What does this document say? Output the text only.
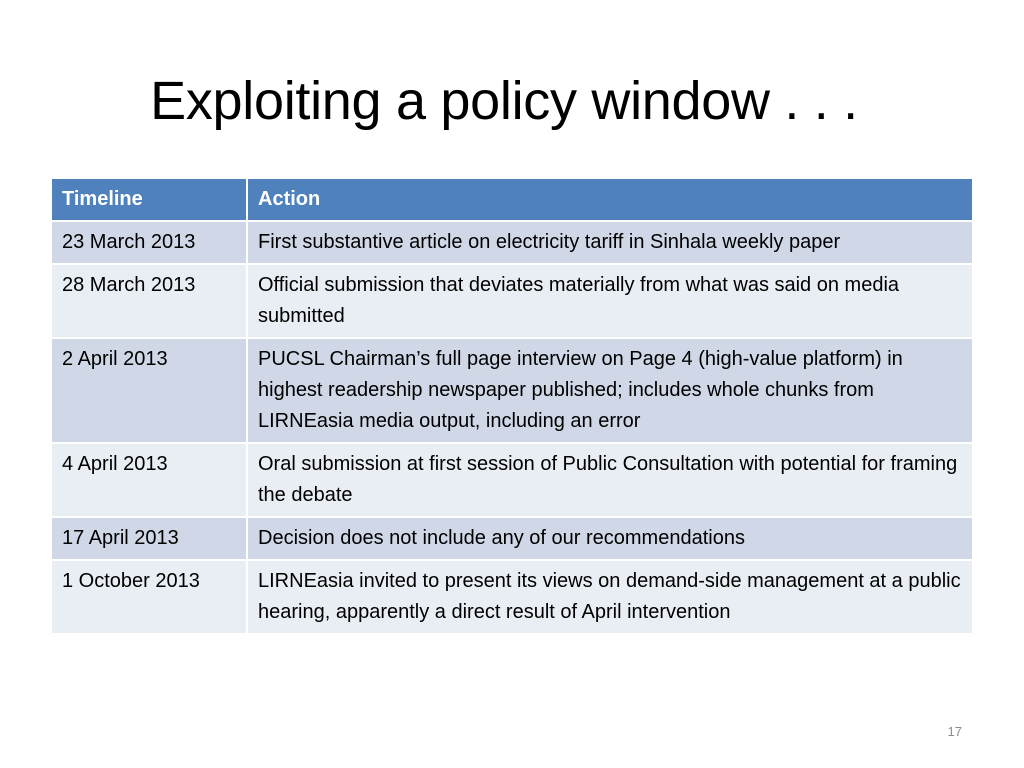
Exploiting a policy window . . .
Timeline	Action
23 March 2013	First substantive article on electricity tariff in Sinhala weekly paper
28 March 2013	Official submission that deviates materially from what was said on media submitted
2 April 2013	PUCSL Chairman’s full page interview on Page 4 (high-value platform) in highest readership newspaper published; includes whole chunks from LIRNEasia media output, including an error
4 April 2013	Oral submission at first session of Public Consultation with potential for framing the debate
17 April 2013	Decision does not include any of our recommendations
1 October 2013	LIRNEasia invited to present its views on demand-side management at a public hearing, apparently a direct result of April intervention
17
